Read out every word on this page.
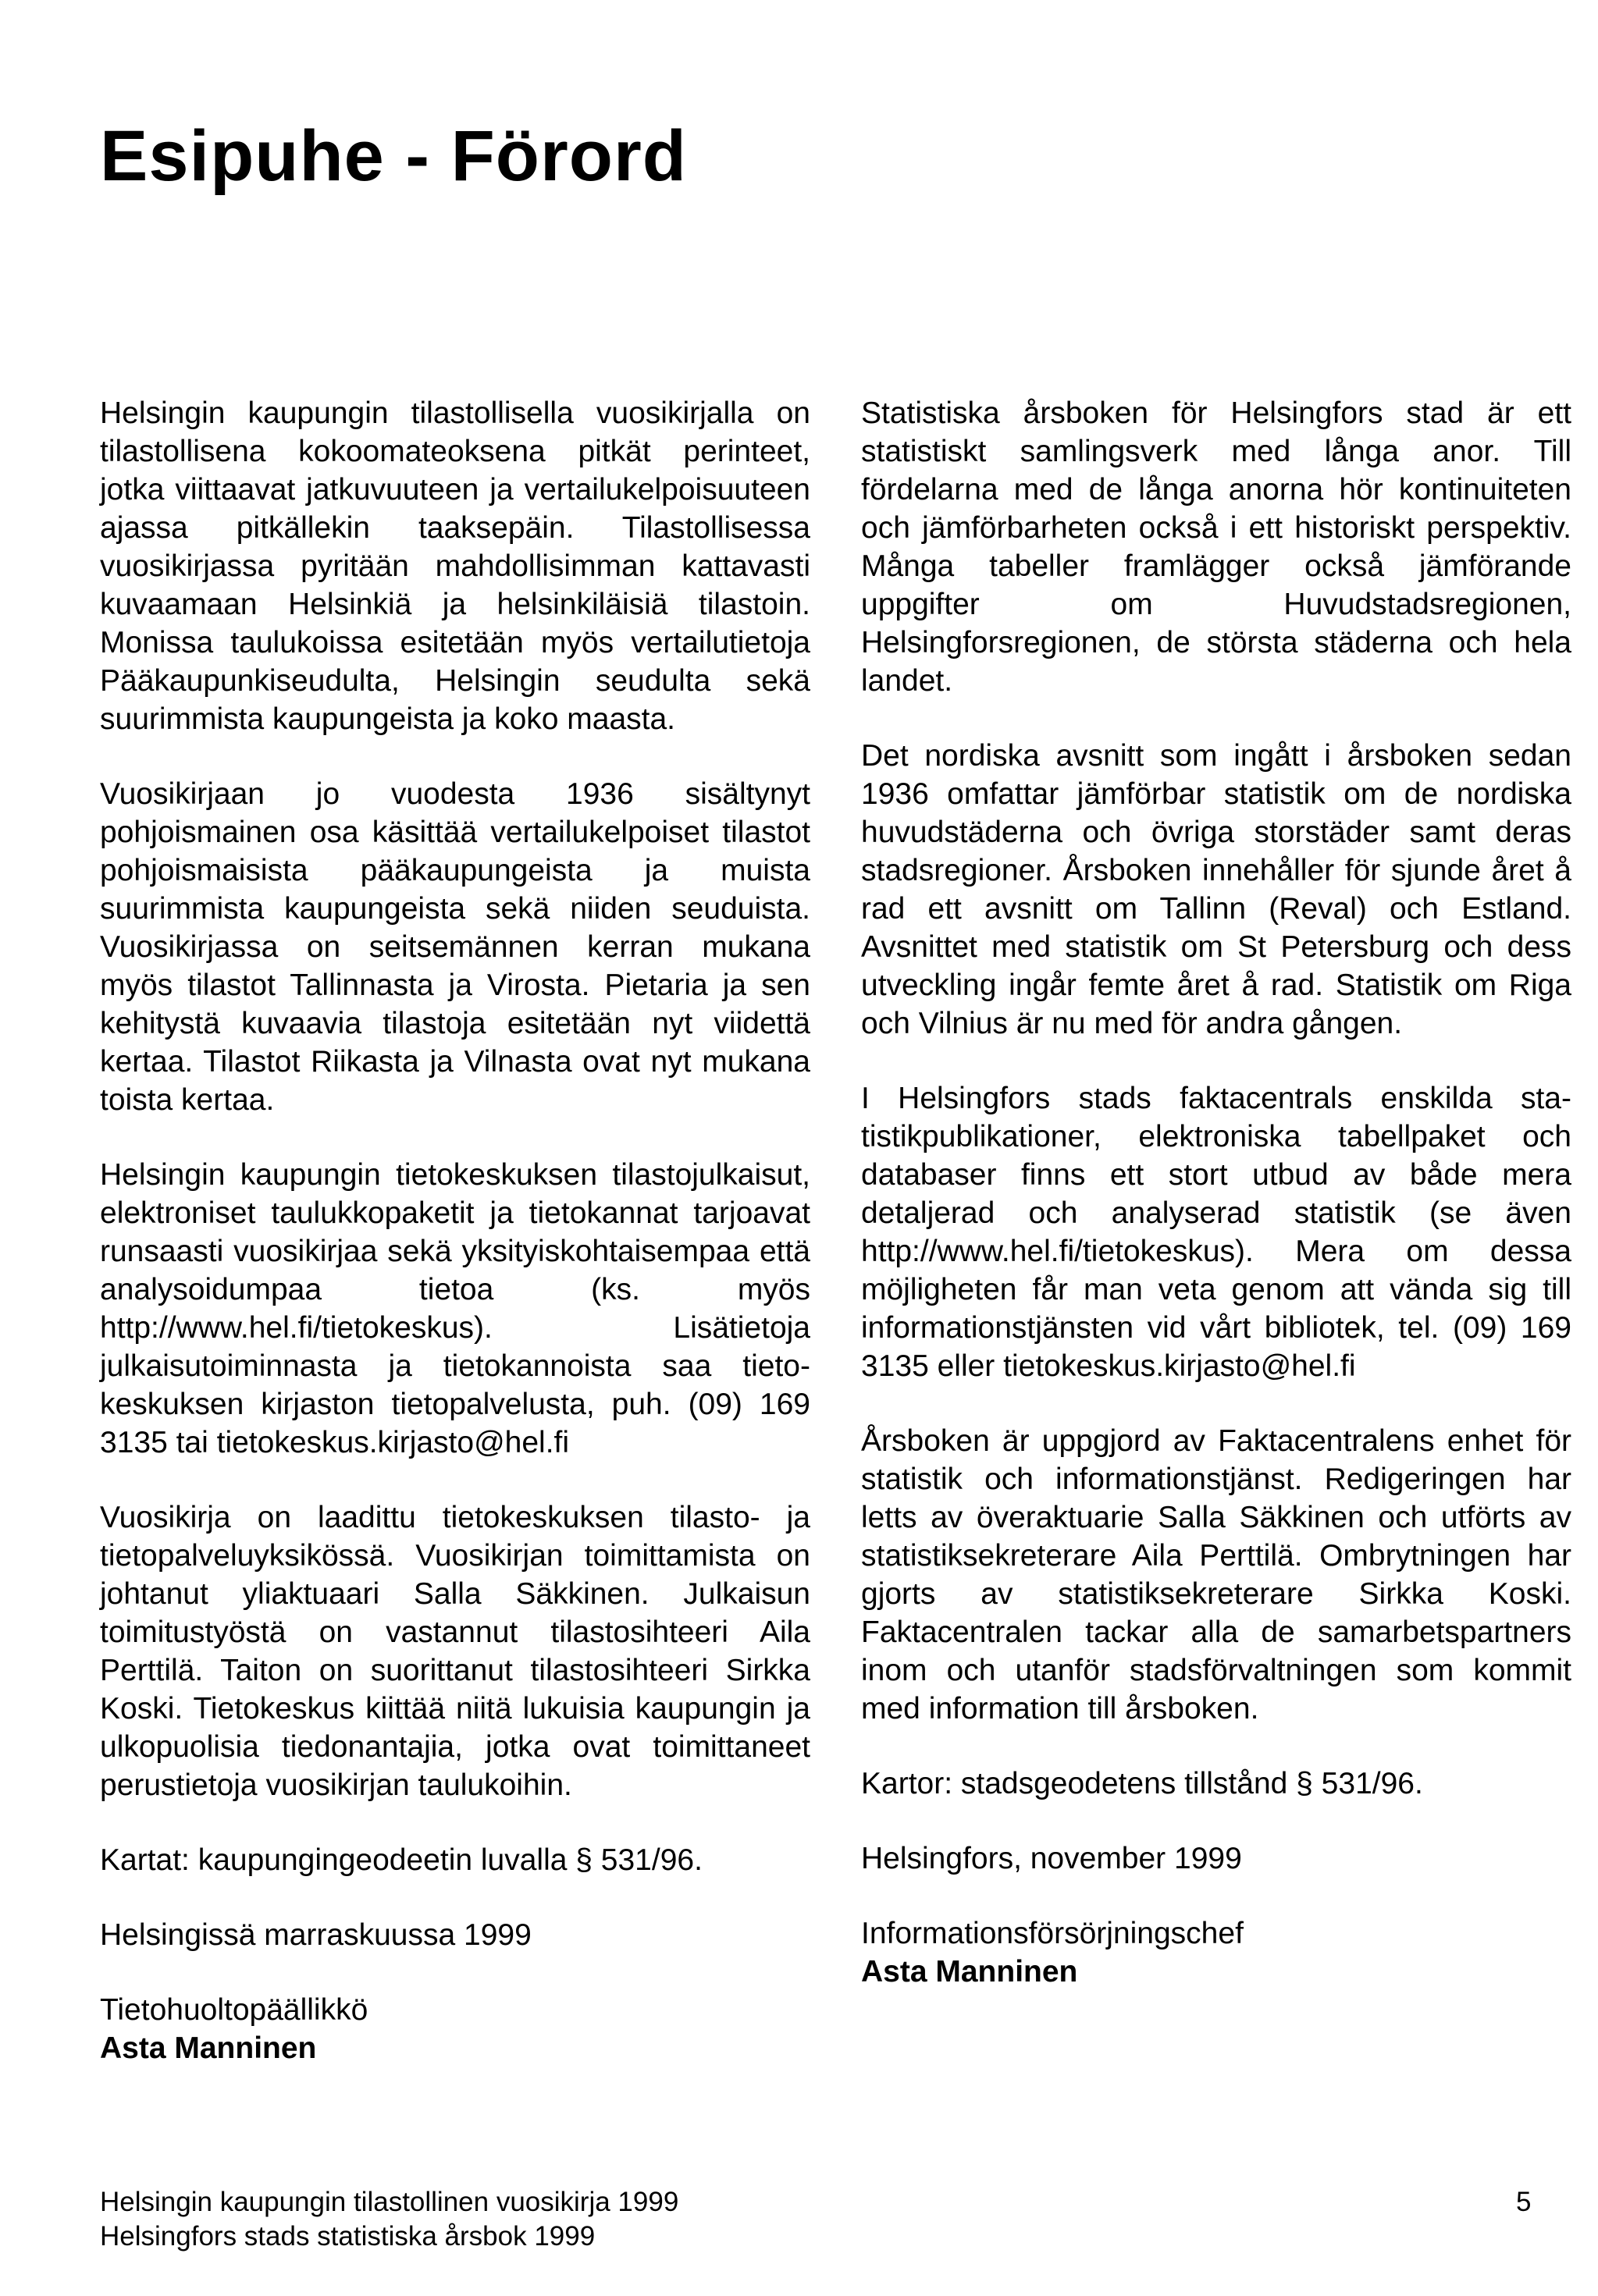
Esipuhe - Förord

Helsingin kaupungin tilastollisella vuosikirjalla on tilastollisena kokoomateoksena pitkät perinteet, jotka viittaavat jatkuvuuteen ja vertailukelpoisuuteen ajassa pitkällekin taaksepäin. Tilastollisessa vuosikirjassa pyritään mahdollisimman kattavasti kuvaamaan Helsinkiä ja helsinkiläisiä tilastoin. Monissa taulukoissa esitetään myös vertailutietoja Pääkaupunkiseudulta, Helsingin seudulta sekä suurimmista kaupungeista ja koko maasta.

Vuosikirjaan jo vuodesta 1936 sisältynyt pohjoismainen osa käsittää vertailukelpoiset tilastot pohjoismaisista pääkaupungeista ja muista suurimmista kaupungeista sekä niiden seuduista. Vuosikirjassa on seitsemännen kerran mukana myös tilastot Tallinnasta ja Virosta. Pietaria ja sen kehitystä kuvaavia tilastoja esitetään nyt viidettä kertaa. Tilastot Riikasta ja Vilnasta ovat nyt mukana toista kertaa.

Helsingin kaupungin tietokeskuksen tilastojulkaisut, elektroniset taulukkopaketit ja tietokannat tarjoavat runsaasti vuosikirjaa sekä yksityiskohtaisempaa että analysoidumpaa tietoa (ks. myös http://www.hel.fi/tietokeskus). Lisätietoja julkaisutoiminnasta ja tietokannoista saa tietokeskuksen kirjaston tietopalvelusta, puh. (09) 169 3135 tai tietokeskus.kirjasto@hel.fi

Vuosikirja on laadittu tietokeskuksen tilasto- ja tietopalveluyksikössä. Vuosikirjan toimittamista on johtanut yliaktuaari Salla Säkkinen. Julkaisun toimitustyöstä on vastannut tilastosihteeri Aila Perttilä. Taiton on suorittanut tilastosihteeri Sirkka Koski. Tietokeskus kiittää niitä lukuisia kaupungin ja ulkopuolisia tiedonantajia, jotka ovat toimittaneet perustietoja vuosikirjan taulukoihin.

Kartat: kaupungingeodeetin luvalla § 531/96.

Helsingissä marraskuussa 1999

Tietohuoltopäällikkö
Asta Manninen

Statistiska årsboken för Helsingfors stad är ett statistiskt samlingsverk med långa anor. Till fördelarna med de långa anorna hör kontinuiteten och jämförbarheten också i ett historiskt perspektiv. Många tabeller framlägger också jämförande uppgifter om Huvudstadsregionen, Helsingforsregionen, de största städerna och hela landet.

Det nordiska avsnitt som ingått i årsboken sedan 1936 omfattar jämförbar statistik om de nordiska huvudstäderna och övriga storstäder samt deras stadsregioner. Årsboken innehåller för sjunde året å rad ett avsnitt om Tallinn (Reval) och Estland. Avsnittet med statistik om St Petersburg och dess utveckling ingår femte året å rad. Statistik om Riga och Vilnius är nu med för andra gången.

I Helsingfors stads faktacentrals enskilda statistikpublikationer, elektroniska tabellpaket och databaser finns ett stort utbud av både mera detaljerad och analyserad statistik (se även http://www.hel.fi/tietokeskus). Mera om dessa möjligheten får man veta genom att vända sig till informationstjänsten vid vårt bibliotek, tel. (09) 169 3135 eller tietokeskus.kirjasto@hel.fi

Årsboken är uppgjord av Faktacentralens enhet för statistik och informationstjänst. Redigeringen har letts av överaktuarie Salla Säkkinen och utförts av statistiksekreterare Aila Perttilä. Ombrytningen har gjorts av statistiksekreterare Sirkka Koski. Faktacentralen tackar alla de samarbetspartners inom och utanför stadsförvaltningen som kommit med information till årsboken.

Kartor: stadsgeodetens tillstånd § 531/96.

Helsingfors, november 1999

Informationsförsörjningschef
Asta Manninen

Helsingin kaupungin tilastollinen vuosikirja 1999
Helsingfors stads statistiska årsbok 1999
5
